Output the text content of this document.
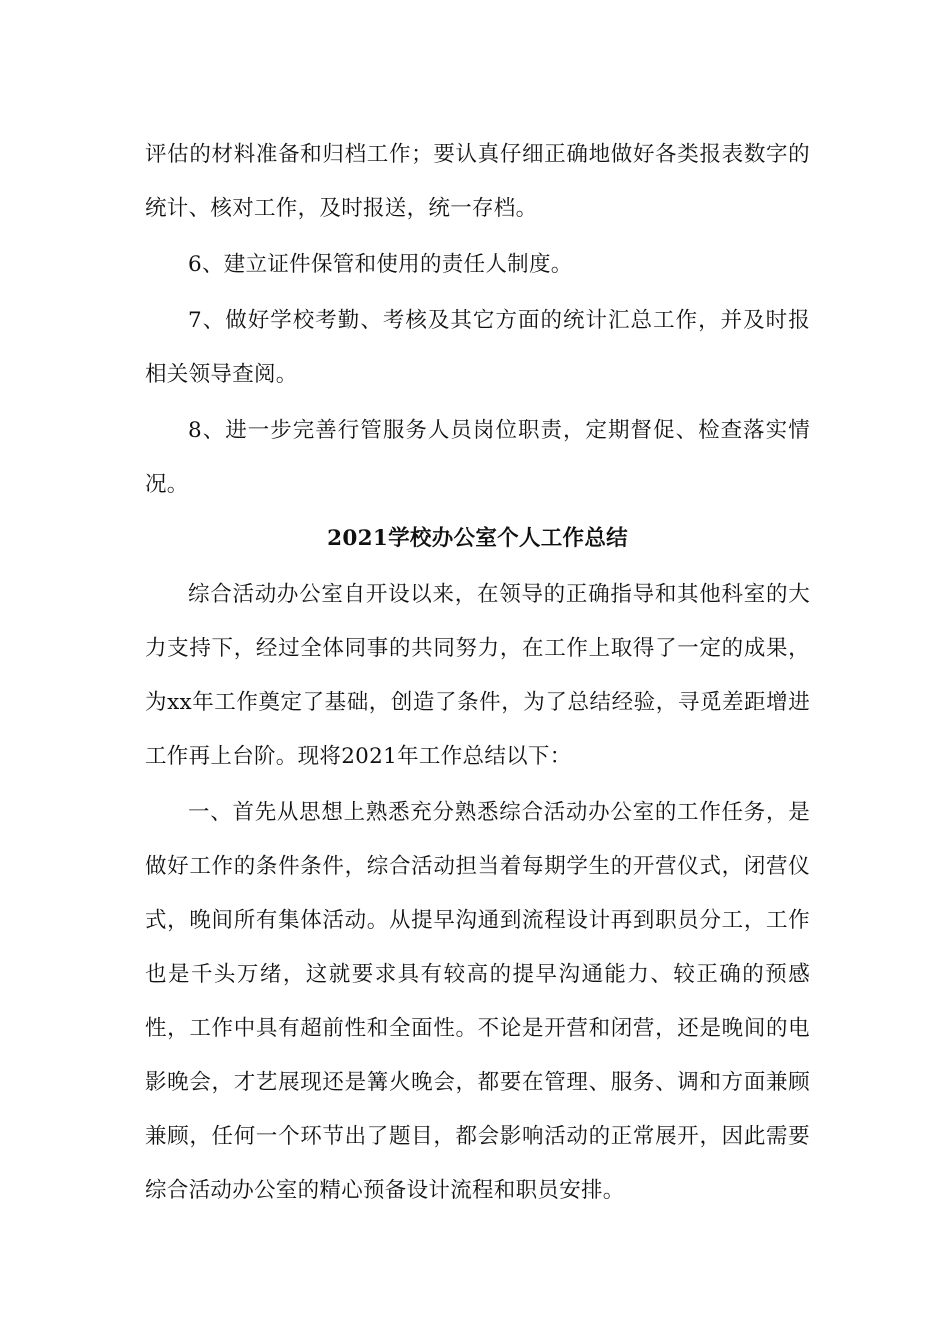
评估的材料准备和归档工作；要认真仔细正确地做好各类报表数字的统计、核对工作，及时报送，统一存档。

6、建立证件保管和使用的责任人制度。

7、做好学校考勤、考核及其它方面的统计汇总工作，并及时报相关领导查阅。

8、进一步完善行管服务人员岗位职责，定期督促、检查落实情况。

2021学校办公室个人工作总结

综合活动办公室自开设以来，在领导的正确指导和其他科室的大力支持下，经过全体同事的共同努力，在工作上取得了一定的成果，为xx年工作奠定了基础，创造了条件，为了总结经验，寻觅差距增进工作再上台阶。现将2021年工作总结以下：

一、首先从思想上熟悉充分熟悉综合活动办公室的工作任务，是做好工作的条件条件，综合活动担当着每期学生的开营仪式，闭营仪式，晚间所有集体活动。从提早沟通到流程设计再到职员分工，工作也是千头万绪，这就要求具有较高的提早沟通能力、较正确的预感性，工作中具有超前性和全面性。不论是开营和闭营，还是晚间的电影晚会，才艺展现还是篝火晚会，都要在管理、服务、调和方面兼顾兼顾，任何一个环节出了题目，都会影响活动的正常展开，因此需要综合活动办公室的精心预备设计流程和职员安排。
